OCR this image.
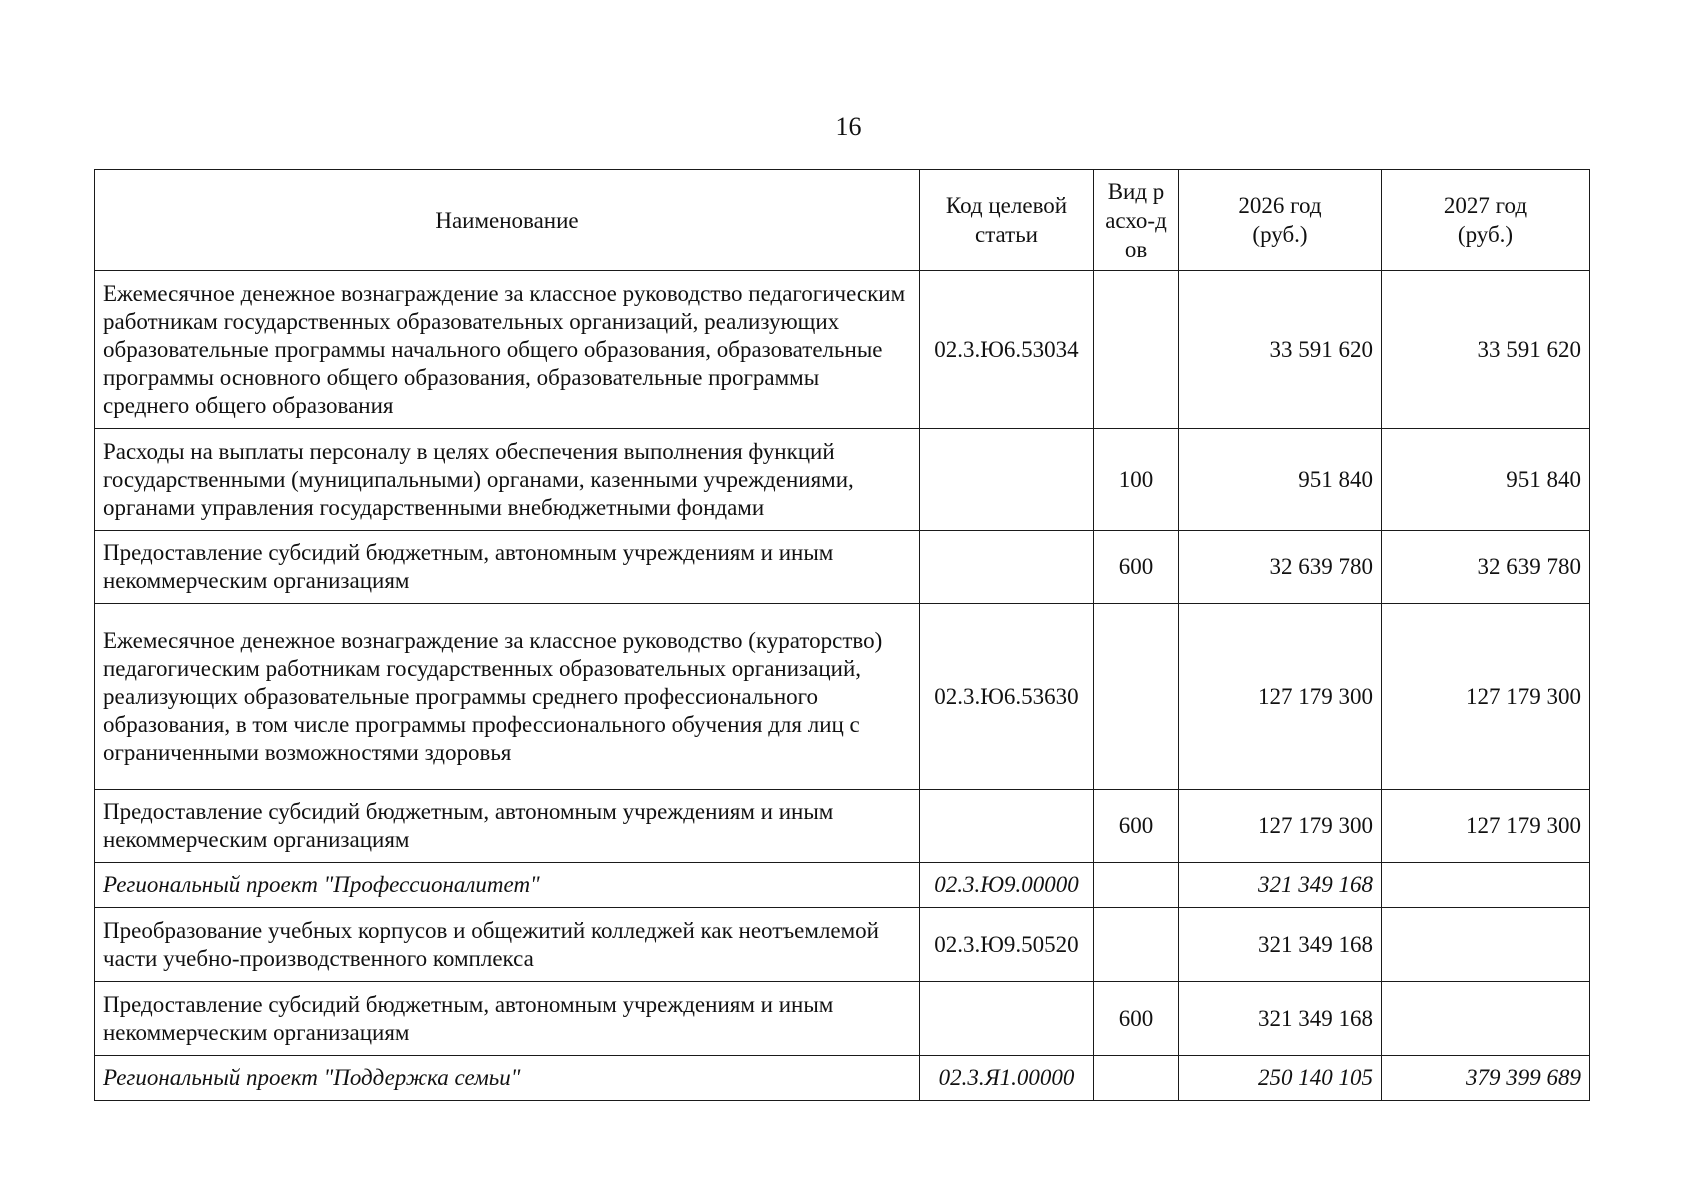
16
Наименование	Код целевой статьи	Вид расхо-дов	2026 год (руб.)	2027 год (руб.)
Ежемесячное денежное вознаграждение за классное руководство педагогическим работникам государственных образовательных организаций, реализующих образовательные программы начального общего образования, образовательные программы основного общего образования, образовательные программы среднего общего образования	02.3.Ю6.53034		33 591 620	33 591 620
Расходы на выплаты персоналу в целях обеспечения выполнения функций государственными (муниципальными) органами, казенными учреждениями, органами управления государственными внебюджетными фондами		100	951 840	951 840
Предоставление субсидий бюджетным, автономным учреждениям и иным некоммерческим организациям		600	32 639 780	32 639 780
Ежемесячное денежное вознаграждение за классное руководство (кураторство) педагогическим работникам государственных образовательных организаций, реализующих образовательные программы среднего профессионального образования, в том числе программы профессионального обучения для лиц с ограниченными возможностями здоровья	02.3.Ю6.53630		127 179 300	127 179 300
Предоставление субсидий бюджетным, автономным учреждениям и иным некоммерческим организациям		600	127 179 300	127 179 300
Региональный проект "Профессионалитет"	02.3.Ю9.00000		321 349 168	
Преобразование учебных корпусов и общежитий колледжей как неотъемлемой части учебно-производственного комплекса	02.3.Ю9.50520		321 349 168	
Предоставление субсидий бюджетным, автономным учреждениям и иным некоммерческим организациям		600	321 349 168	
Региональный проект "Поддержка семьи"	02.3.Я1.00000		250 140 105	379 399 689
